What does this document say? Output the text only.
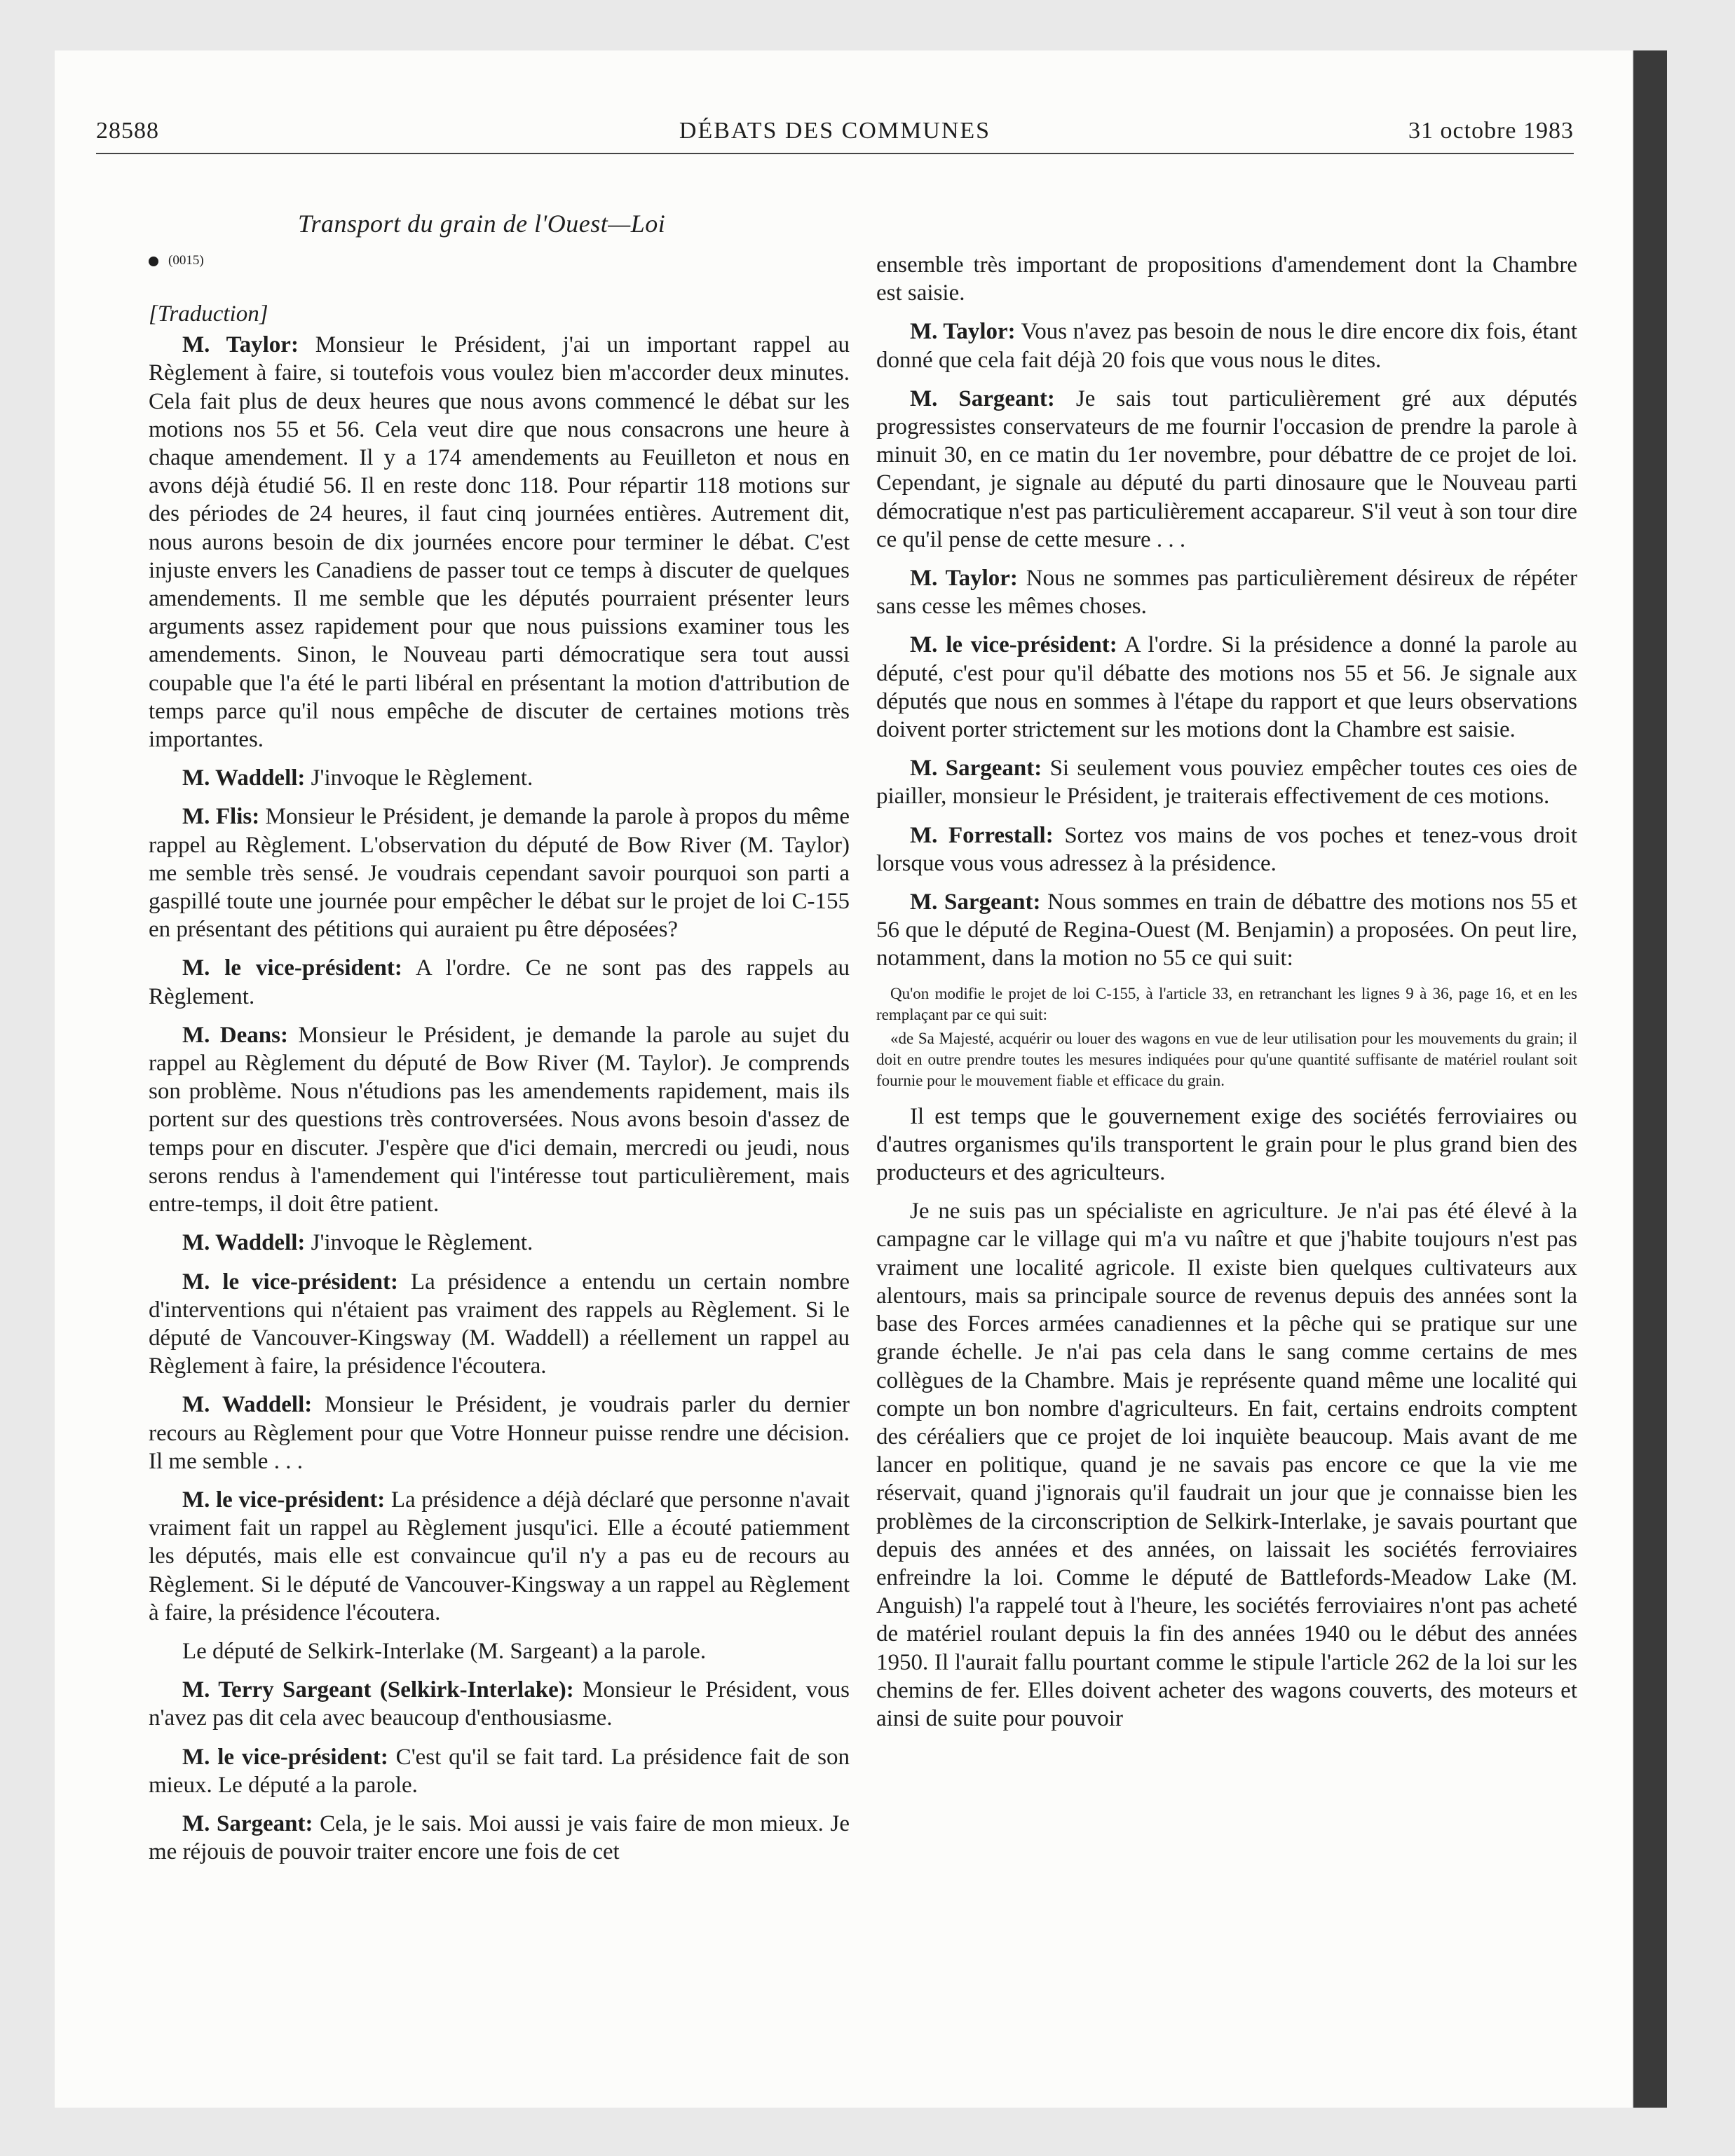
28588	DÉBATS DES COMMUNES	31 octobre 1983
Transport du grain de l'Ouest—Loi
(0015)

[Traduction]

M. Taylor: Monsieur le Président, j'ai un important rappel au Règlement à faire, si toutefois vous voulez bien m'accorder deux minutes. Cela fait plus de deux heures que nous avons commencé le débat sur les motions nos 55 et 56. Cela veut dire que nous consacrons une heure à chaque amendement. Il y a 174 amendements au Feuilleton et nous en avons déjà étudié 56. Il en reste donc 118. Pour répartir 118 motions sur des périodes de 24 heures, il faut cinq journées entières. Autrement dit, nous aurons besoin de dix journées encore pour terminer le débat. C'est injuste envers les Canadiens de passer tout ce temps à discuter de quelques amendements. Il me semble que les députés pourraient présenter leurs arguments assez rapidement pour que nous puissions examiner tous les amendements. Sinon, le Nouveau parti démocratique sera tout aussi coupable que l'a été le parti libéral en présentant la motion d'attribution de temps parce qu'il nous empêche de discuter de certaines motions très importantes.

M. Waddell: J'invoque le Règlement.

M. Flis: Monsieur le Président, je demande la parole à propos du même rappel au Règlement. L'observation du député de Bow River (M. Taylor) me semble très sensé. Je voudrais cependant savoir pourquoi son parti a gaspillé toute une journée pour empêcher le débat sur le projet de loi C-155 en présentant des pétitions qui auraient pu être déposées?

M. le vice-président: A l'ordre. Ce ne sont pas des rappels au Règlement.

M. Deans: Monsieur le Président, je demande la parole au sujet du rappel au Règlement du député de Bow River (M. Taylor). Je comprends son problème. Nous n'étudions pas les amendements rapidement, mais ils portent sur des questions très controversées. Nous avons besoin d'assez de temps pour en discuter. J'espère que d'ici demain, mercredi ou jeudi, nous serons rendus à l'amendement qui l'intéresse tout particulièrement, mais entre-temps, il doit être patient.

M. Waddell: J'invoque le Règlement.

M. le vice-président: La présidence a entendu un certain nombre d'interventions qui n'étaient pas vraiment des rappels au Règlement. Si le député de Vancouver-Kingsway (M. Waddell) a réellement un rappel au Règlement à faire, la présidence l'écoutera.

M. Waddell: Monsieur le Président, je voudrais parler du dernier recours au Règlement pour que Votre Honneur puisse rendre une décision. Il me semble . . .

M. le vice-président: La présidence a déjà déclaré que personne n'avait vraiment fait un rappel au Règlement jusqu'ici. Elle a écouté patiemment les députés, mais elle est convaincue qu'il n'y a pas eu de recours au Règlement. Si le député de Vancouver-Kingsway a un rappel au Règlement à faire, la présidence l'écoutera.

Le député de Selkirk-Interlake (M. Sargeant) a la parole.

M. Terry Sargeant (Selkirk-Interlake): Monsieur le Président, vous n'avez pas dit cela avec beaucoup d'enthousiasme.

M. le vice-président: C'est qu'il se fait tard. La présidence fait de son mieux. Le député a la parole.

M. Sargeant: Cela, je le sais. Moi aussi je vais faire de mon mieux. Je me réjouis de pouvoir traiter encore une fois de cet

ensemble très important de propositions d'amendement dont la Chambre est saisie.

M. Taylor: Vous n'avez pas besoin de nous le dire encore dix fois, étant donné que cela fait déjà 20 fois que vous nous le dites.

M. Sargeant: Je sais tout particulièrement gré aux députés progressistes conservateurs de me fournir l'occasion de prendre la parole à minuit 30, en ce matin du 1er novembre, pour débattre de ce projet de loi. Cependant, je signale au député du parti dinosaure que le Nouveau parti démocratique n'est pas particulièrement accapareur. S'il veut à son tour dire ce qu'il pense de cette mesure . . .

M. Taylor: Nous ne sommes pas particulièrement désireux de répéter sans cesse les mêmes choses.

M. le vice-président: A l'ordre. Si la présidence a donné la parole au député, c'est pour qu'il débatte des motions nos 55 et 56. Je signale aux députés que nous en sommes à l'étape du rapport et que leurs observations doivent porter strictement sur les motions dont la Chambre est saisie.

M. Sargeant: Si seulement vous pouviez empêcher toutes ces oies de piailler, monsieur le Président, je traiterais effectivement de ces motions.

M. Forrestall: Sortez vos mains de vos poches et tenez-vous droit lorsque vous vous adressez à la présidence.

M. Sargeant: Nous sommes en train de débattre des motions nos 55 et 56 que le député de Regina-Ouest (M. Benjamin) a proposées. On peut lire, notamment, dans la motion no 55 ce qui suit:

Qu'on modifie le projet de loi C-155, à l'article 33, en retranchant les lignes 9 à 36, page 16, et en les remplaçant par ce qui suit:

«de Sa Majesté, acquérir ou louer des wagons en vue de leur utilisation pour les mouvements du grain; il doit en outre prendre toutes les mesures indiquées pour qu'une quantité suffisante de matériel roulant soit fournie pour le mouvement fiable et efficace du grain.

Il est temps que le gouvernement exige des sociétés ferroviaires ou d'autres organismes qu'ils transportent le grain pour le plus grand bien des producteurs et des agriculteurs.

Je ne suis pas un spécialiste en agriculture. Je n'ai pas été élevé à la campagne car le village qui m'a vu naître et que j'habite toujours n'est pas vraiment une localité agricole. Il existe bien quelques cultivateurs aux alentours, mais sa principale source de revenus depuis des années sont la base des Forces armées canadiennes et la pêche qui se pratique sur une grande échelle. Je n'ai pas cela dans le sang comme certains de mes collègues de la Chambre. Mais je représente quand même une localité qui compte un bon nombre d'agriculteurs. En fait, certains endroits comptent des céréaliers que ce projet de loi inquiète beaucoup. Mais avant de me lancer en politique, quand je ne savais pas encore ce que la vie me réservait, quand j'ignorais qu'il faudrait un jour que je connaisse bien les problèmes de la circonscription de Selkirk-Interlake, je savais pourtant que depuis des années et des années, on laissait les sociétés ferroviaires enfreindre la loi. Comme le député de Battlefords-Meadow Lake (M. Anguish) l'a rappelé tout à l'heure, les sociétés ferroviaires n'ont pas acheté de matériel roulant depuis la fin des années 1940 ou le début des années 1950. Il l'aurait fallu pourtant comme le stipule l'article 262 de la loi sur les chemins de fer. Elles doivent acheter des wagons couverts, des moteurs et ainsi de suite pour pouvoir
